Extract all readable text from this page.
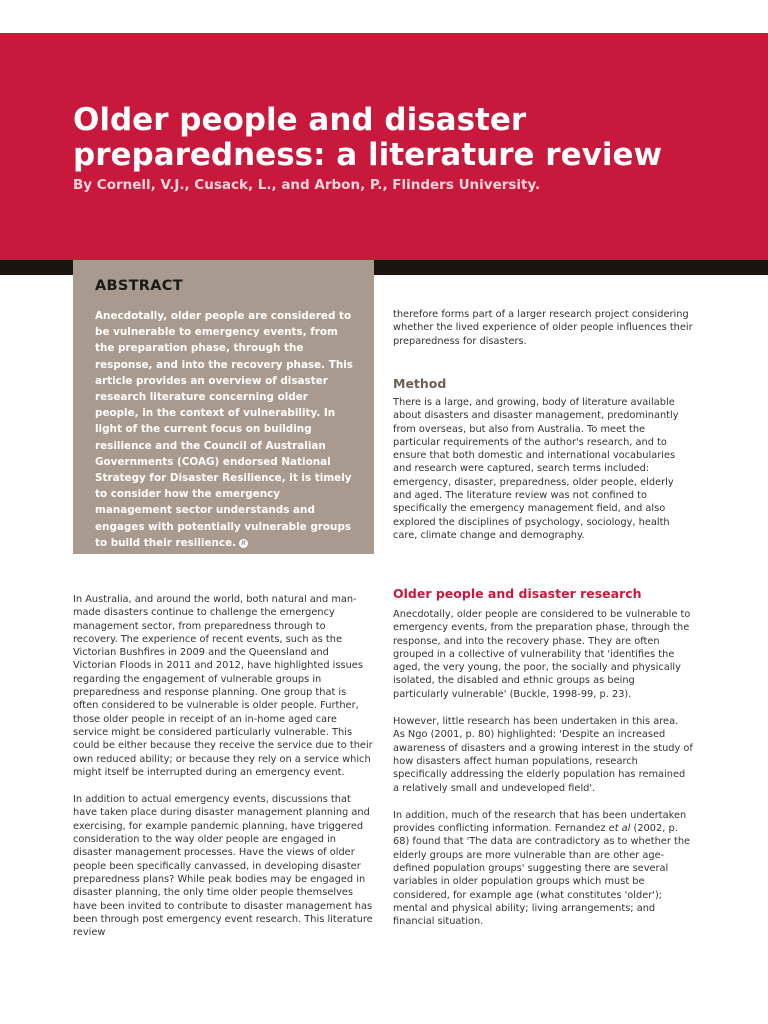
Older people and disaster preparedness: a literature review

By Cornell, V.J., Cusack, L., and Arbon, P., Flinders University.

ABSTRACT

Anecdotally, older people are considered to be vulnerable to emergency events, from the preparation phase, through the response, and into the recovery phase. This article provides an overview of disaster research literature concerning older people, in the context of vulnerability. In light of the current focus on building resilience and the Council of Australian Governments (COAG) endorsed National Strategy for Disaster Resilience, it is timely to consider how the emergency management sector understands and engages with potentially vulnerable groups to build their resilience. R

therefore forms part of a larger research project considering whether the lived experience of older people influences their preparedness for disasters.

Method

There is a large, and growing, body of literature available about disasters and disaster management, predominantly from overseas, but also from Australia. To meet the particular requirements of the author's research, and to ensure that both domestic and international vocabularies and research were captured, search terms included: emergency, disaster, preparedness, older people, elderly and aged. The literature review was not confined to specifically the emergency management field, and also explored the disciplines of psychology, sociology, health care, climate change and demography.

Older people and disaster research

Anecdotally, older people are considered to be vulnerable to emergency events, from the preparation phase, through the response, and into the recovery phase. They are often grouped in a collective of vulnerability that 'identifies the aged, the very young, the poor, the socially and physically isolated, the disabled and ethnic groups as being particularly vulnerable' (Buckle, 1998-99, p. 23).

However, little research has been undertaken in this area. As Ngo (2001, p. 80) highlighted: 'Despite an increased awareness of disasters and a growing interest in the study of how disasters affect human populations, research specifically addressing the elderly population has remained a relatively small and undeveloped field'.

In addition, much of the research that has been undertaken provides conflicting information. Fernandez et al (2002, p. 68) found that 'The data are contradictory as to whether the elderly groups are more vulnerable than are other age-defined population groups' suggesting there are several variables in older population groups which must be considered, for example age (what constitutes 'older'); mental and physical ability; living arrangements; and financial situation.

In Australia, and around the world, both natural and man-made disasters continue to challenge the emergency management sector, from preparedness through to recovery. The experience of recent events, such as the Victorian Bushfires in 2009 and the Queensland and Victorian Floods in 2011 and 2012, have highlighted issues regarding the engagement of vulnerable groups in preparedness and response planning. One group that is often considered to be vulnerable is older people. Further, those older people in receipt of an in-home aged care service might be considered particularly vulnerable. This could be either because they receive the service due to their own reduced ability; or because they rely on a service which might itself be interrupted during an emergency event.

In addition to actual emergency events, discussions that have taken place during disaster management planning and exercising, for example pandemic planning, have triggered consideration to the way older people are engaged in disaster management processes. Have the views of older people been specifically canvassed, in developing disaster preparedness plans? While peak bodies may be engaged in disaster planning, the only time older people themselves have been invited to contribute to disaster management has been through post emergency event research. This literature review
